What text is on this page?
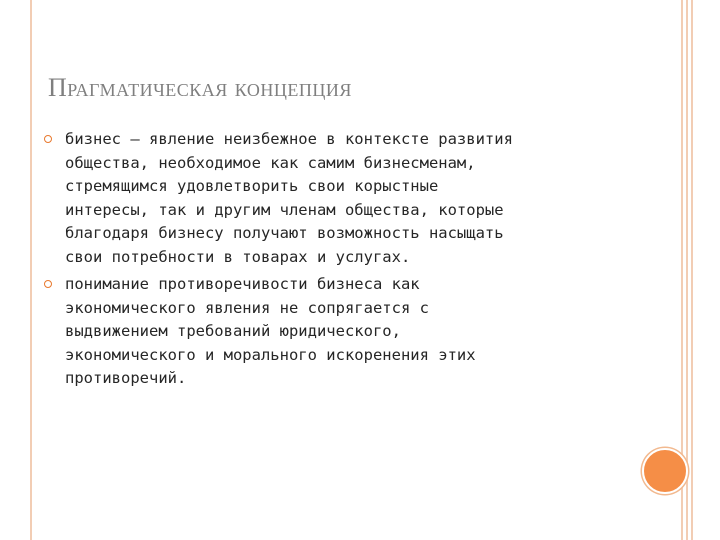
Прагматическая концепция

бизнес – явление неизбежное в контексте развития
общества, необходимое как самим бизнесменам,
стремящимся удовлетворить свои корыстные
интересы, так и другим членам общества, которые
благодаря бизнесу получают возможность насыщать
свои потребности в товарах и услугах.

понимание противоречивости бизнеса как
экономического явления не сопрягается с
выдвижением требований юридического,
экономического и морального искоренения этих
противоречий.
